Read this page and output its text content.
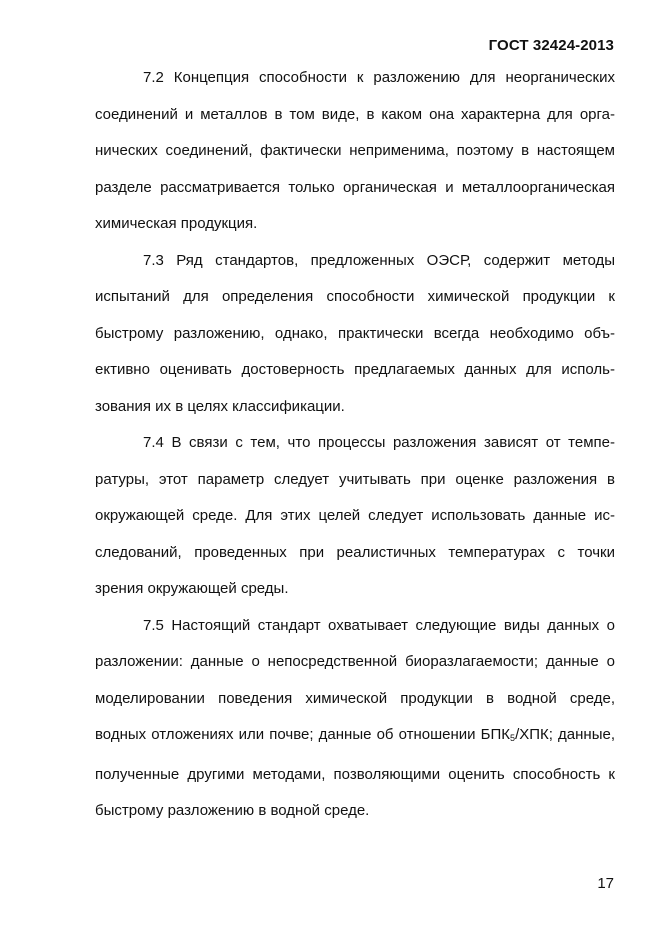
ГОСТ 32424-2013

7.2 Концепция способности к разложению для неорганических соединений и металлов в том виде, в каком она характерна для органических соединений, фактически неприменима, поэтому в настоящем разделе рассматривается только органическая и металлоорганическая химическая продукция.

7.3 Ряд стандартов, предложенных ОЭСР, содержит методы испытаний для определения способности химической продукции к быстрому разложению, однако, практически всегда необходимо объективно оценивать достоверность предлагаемых данных для использования их в целях классификации.

7.4 В связи с тем, что процессы разложения зависят от температуры, этот параметр следует учитывать при оценке разложения в окружающей среде. Для этих целей следует использовать данные исследований, проведенных при реалистичных температурах с точки зрения окружающей среды.

7.5 Настоящий стандарт охватывает следующие виды данных о разложении: данные о непосредственной биоразлагаемости; данные о моделировании поведения химической продукции в водной среде, водных отложениях или почве; данные об отношении $БПК_5$/ХПК; данные, полученные другими методами, позволяющими оценить способность к быстрому разложению в водной среде.

17
